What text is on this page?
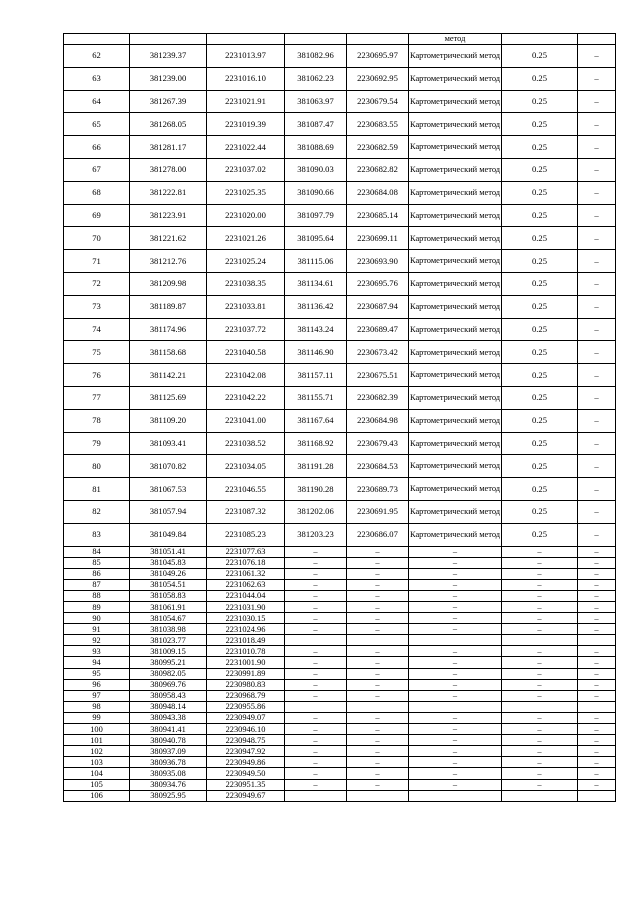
					метод		
62	381239.37	2231013.97	381082.96	2230695.97	Картометрический метод	0.25	–
63	381239.00	2231016.10	381062.23	2230692.95	Картометрический метод	0.25	–
64	381267.39	2231021.91	381063.97	2230679.54	Картометрический метод	0.25	–
65	381268.05	2231019.39	381087.47	2230683.55	Картометрический метод	0.25	–
66	381281.17	2231022.44	381088.69	2230682.59	Картометрический метод	0.25	–
67	381278.00	2231037.02	381090.03	2230682.82	Картометрический метод	0.25	–
68	381222.81	2231025.35	381090.66	2230684.08	Картометрический метод	0.25	–
69	381223.91	2231020.00	381097.79	2230685.14	Картометрический метод	0.25	–
70	381221.62	2231021.26	381095.64	2230699.11	Картометрический метод	0.25	–
71	381212.76	2231025.24	381115.06	2230693.90	Картометрический метод	0.25	–
72	381209.98	2231038.35	381134.61	2230695.76	Картометрический метод	0.25	–
73	381189.87	2231033.81	381136.42	2230687.94	Картометрический метод	0.25	–
74	381174.96	2231037.72	381143.24	2230689.47	Картометрический метод	0.25	–
75	381158.68	2231040.58	381146.90	2230673.42	Картометрический метод	0.25	–
76	381142.21	2231042.08	381157.11	2230675.51	Картометрический метод	0.25	–
77	381125.69	2231042.22	381155.71	2230682.39	Картометрический метод	0.25	–
78	381109.20	2231041.00	381167.64	2230684.98	Картометрический метод	0.25	–
79	381093.41	2231038.52	381168.92	2230679.43	Картометрический метод	0.25	–
80	381070.82	2231034.05	381191.28	2230684.53	Картометрический метод	0.25	–
81	381067.53	2231046.55	381190.28	2230689.73	Картометрический метод	0.25	–
82	381057.94	2231087.32	381202.06	2230691.95	Картометрический метод	0.25	–
83	381049.84	2231085.23	381203.23	2230686.07	Картометрический метод	0.25	–
84	381051.41	2231077.63	–	–	–	–	–
85	381045.83	2231076.18	–	–	–	–	–
86	381049.26	2231061.32	–	–	–	–	–
87	381054.51	2231062.63	–	–	–	–	–
88	381058.83	2231044.04	–	–	–	–	–
89	381061.91	2231031.90	–	–	–	–	–
90	381054.67	2231030.15	–	–	–	–	–
91	381038.98	2231024.96	–	–	–	–	–
92	381023.77	2231018.49					
93	381009.15	2231010.78	–	–	–	–	–
94	380995.21	2231001.90	–	–	–	–	–
95	380982.05	2230991.89	–	–	–	–	–
96	380969.76	2230980.83	–	–	–	–	–
97	380958.43	2230968.79	–	–	–	–	–
98	380948.14	2230955.86					
99	380943.38	2230949.07	–	–	–	–	–
100	380941.41	2230946.10	–	–	–	–	–
101	380940.78	2230948.75	–	–	–	–	–
102	380937.09	2230947.92	–	–	–	–	–
103	380936.78	2230949.86	–	–	–	–	–
104	380935.08	2230949.50	–	–	–	–	–
105	380934.76	2230951.35	–	–	–	–	–
106	380925.95	2230949.67					
